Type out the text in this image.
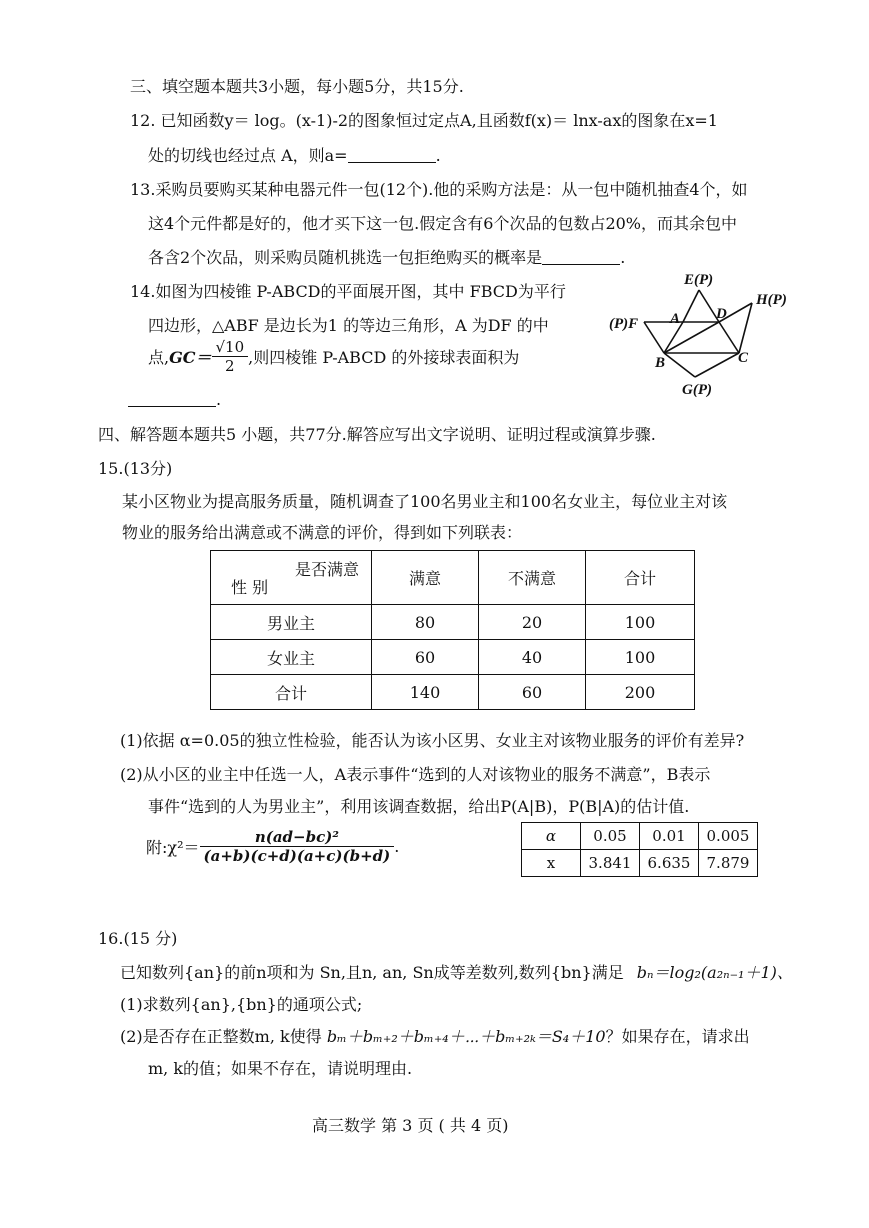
三、填空题本题共3小题，每小题5分，共15分.
12. 已知函数y＝ log。(x-1)-2的图象恒过定点A,且函数f(x)＝ lnx-ax的图象在x=1
处的切线也经过点 A，则a=	.
13.采购员要购买某种电器元件一包(12个).他的采购方法是：从一包中随机抽查4个，如
这4个元件都是好的，他才买下这一包.假定含有6个次品的包数占20%，而其余包中
各含2个次品，则采购员随机挑选一包拒绝购买的概率是	.
14.如图为四棱锥 P-ABCD的平面展开图，其中 FBCD为平行
四边形，△ABF 是边长为1 的等边三角形，A 为DF 的中
点$,GC= \frac{√10}{2}$ ,则四棱锥 P-ABCD 的外接球表面积为
.
E(P)
H(P)
(P)F A D
B	C
G(P)
四、解答题本题共5 小题，共77分.解答应写出文字说明、证明过程或演算步骤.
15.(13分)
某小区物业为提高服务质量，随机调查了100名男业主和100名女业主，每位业主对该
物业的服务给出满意或不满意的评价，得到如下列联表：
是否满意
性 别	满意	不满意	合计
男业主	80	20	100
女业主	60	40	100
合计	140	60	200
(1)依据 α=0.05的独立性检验，能否认为该小区男、女业主对该物业服务的评价有差异?
(2)从小区的业主中任选一人，A表示事件“选到的人对该物业的服务不满意”，B表示
事件“选到的人为男业主”，利用该调查数据，给出P(A|B)，P(B|A)的估计值.
附:χ²＝ $\frac{\text{n(ad−bc)²}}{(a+b)(c+d)(a+c)(b+d)}$ .
α	0.05	0.01	0.005
x	3.841	6.635	7.879
16.(15 分)
已知数列{an}的前n项和为 Sn,且n, an, Sn成等差数列,数列{bn}满足 bₙ＝log₂(a₂ₙ₋₁＋1)、
(1)求数列{an},{bn}的通项公式;
(2)是否存在正整数m, k使得 bₘ＋bₘ₊₂＋bₘ₊₄＋⋯＋bₘ₊₂ₖ＝S₄＋10？如果存在，请求出
m, k的值；如果不存在，请说明理由.
高三数学 第 3 页 ( 共 4 页)
